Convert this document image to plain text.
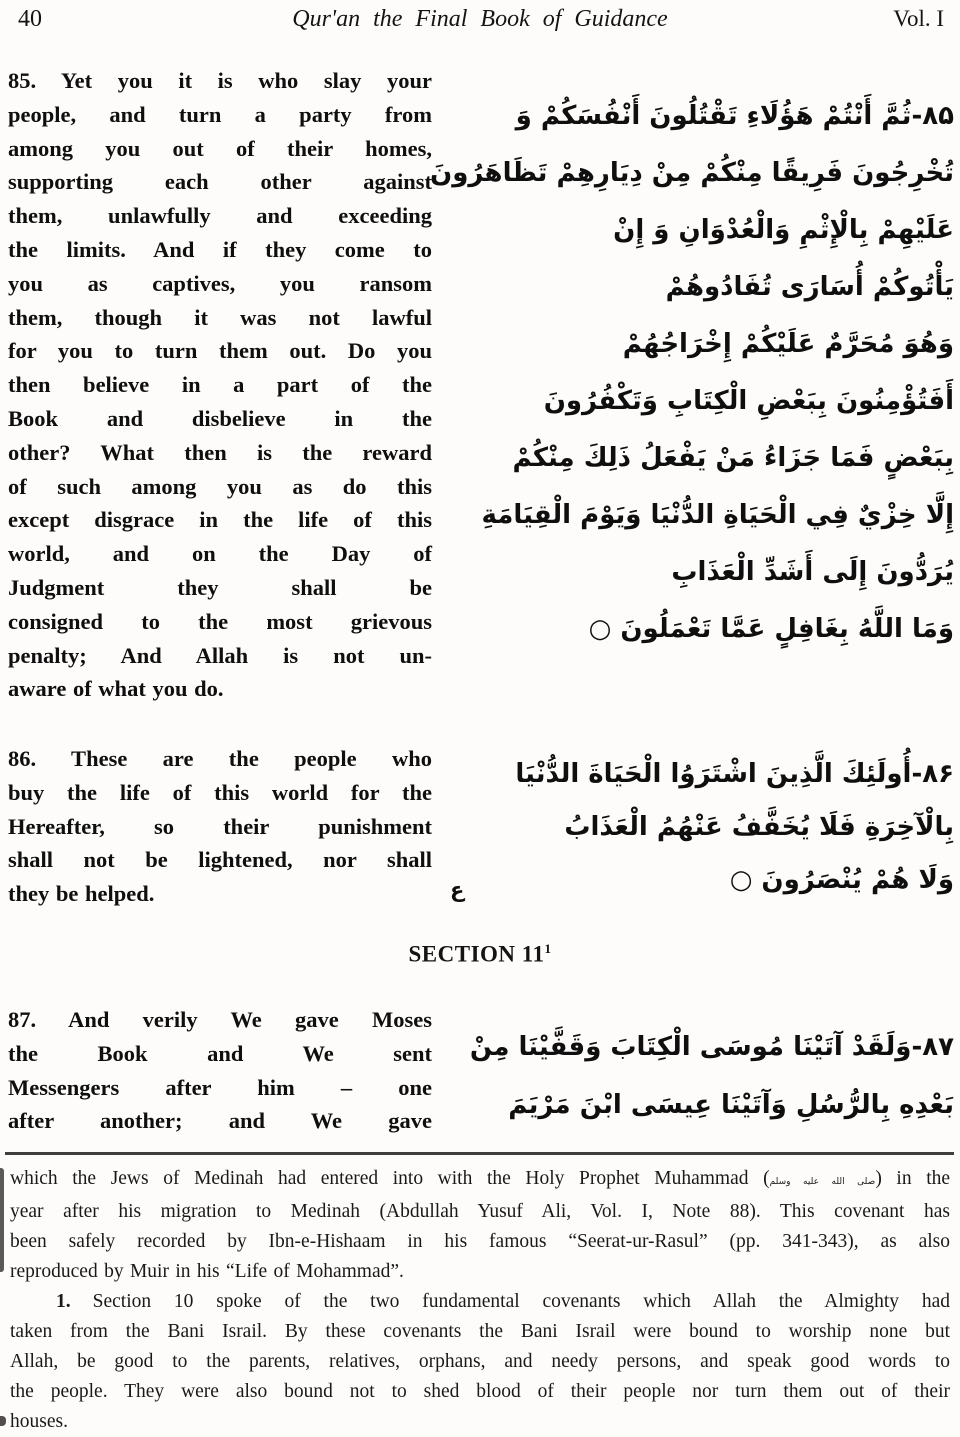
40	Qur'an the Final Book of Guidance	Vol. I
85. Yet you it is who slay your
people, and turn a party from
among you out of their homes,
supporting each other against
them, unlawfully and exceeding
the limits. And if they come to
you as captives, you ransom
them, though it was not lawful
for you to turn them out. Do you
then believe in a part of the
Book and disbelieve in the
other? What then is the reward
of such among you as do this
except disgrace in the life of this
world, and on the Day of
Judgment they shall be
consigned to the most grievous
penalty; And Allah is not un-
aware of what you do.
۸۵-ثُمَّ أَنْتُمْ هَؤُلَاءِ تَقْتُلُونَ أَنْفُسَكُمْ وَ
تُخْرِجُونَ فَرِيقًا مِنْكُمْ مِنْ دِيَارِهِمْ تَظَاهَرُونَ
عَلَيْهِمْ بِالْإِثْمِ وَالْعُدْوَانِ وَ إِنْ
يَأْتُوكُمْ أُسَارَى تُفَادُوهُمْ
وَهُوَ مُحَرَّمٌ عَلَيْكُمْ إِخْرَاجُهُمْ
أَفَتُؤْمِنُونَ بِبَعْضِ الْكِتَابِ وَتَكْفُرُونَ
بِبَعْضٍ فَمَا جَزَاءُ مَنْ يَفْعَلُ ذَلِكَ مِنْكُمْ
إِلَّا خِزْيٌ فِي الْحَيَاةِ الدُّنْيَا وَيَوْمَ الْقِيَامَةِ
يُرَدُّونَ إِلَى أَشَدِّ الْعَذَابِ
وَمَا اللَّهُ بِغَافِلٍ عَمَّا تَعْمَلُونَ ○
86. These are the people who
buy the life of this world for the
Hereafter, so their punishment
shall not be lightened, nor shall
they be helped.
۸۶-أُولَئِكَ الَّذِينَ اشْتَرَوُا الْحَيَاةَ الدُّنْيَا
بِالْآخِرَةِ فَلَا يُخَفَّفُ عَنْهُمُ الْعَذَابُ
وَلَا هُمْ يُنْصَرُونَ ○
ع
SECTION $11^1$
87. And verily We gave Moses
the Book and We sent
Messengers after him – one
after another; and We gave
۸۷-وَلَقَدْ آتَيْنَا مُوسَى الْكِتَابَ وَقَفَّيْنَا مِنْ
بَعْدِهِ بِالرُّسُلِ وَآتَيْنَا عِيسَى ابْنَ مَرْيَمَ
which the Jews of Medinah had entered into with the Holy Prophet Muhammad (صلى الله عليه وسلم) in the
year after his migration to Medinah (Abdullah Yusuf Ali, Vol. I, Note 88). This covenant has
been safely recorded by Ibn-e-Hishaam in his famous “Seerat-ur-Rasul” (pp. 341-343), as also
reproduced by Muir in his “Life of Mohammad”.
1. Section 10 spoke of the two fundamental covenants which Allah the Almighty had
taken from the Bani Israil. By these covenants the Bani Israil were bound to worship none but
Allah, be good to the parents, relatives, orphans, and needy persons, and speak good words to
the people. They were also bound not to shed blood of their people nor turn them out of their
houses.
